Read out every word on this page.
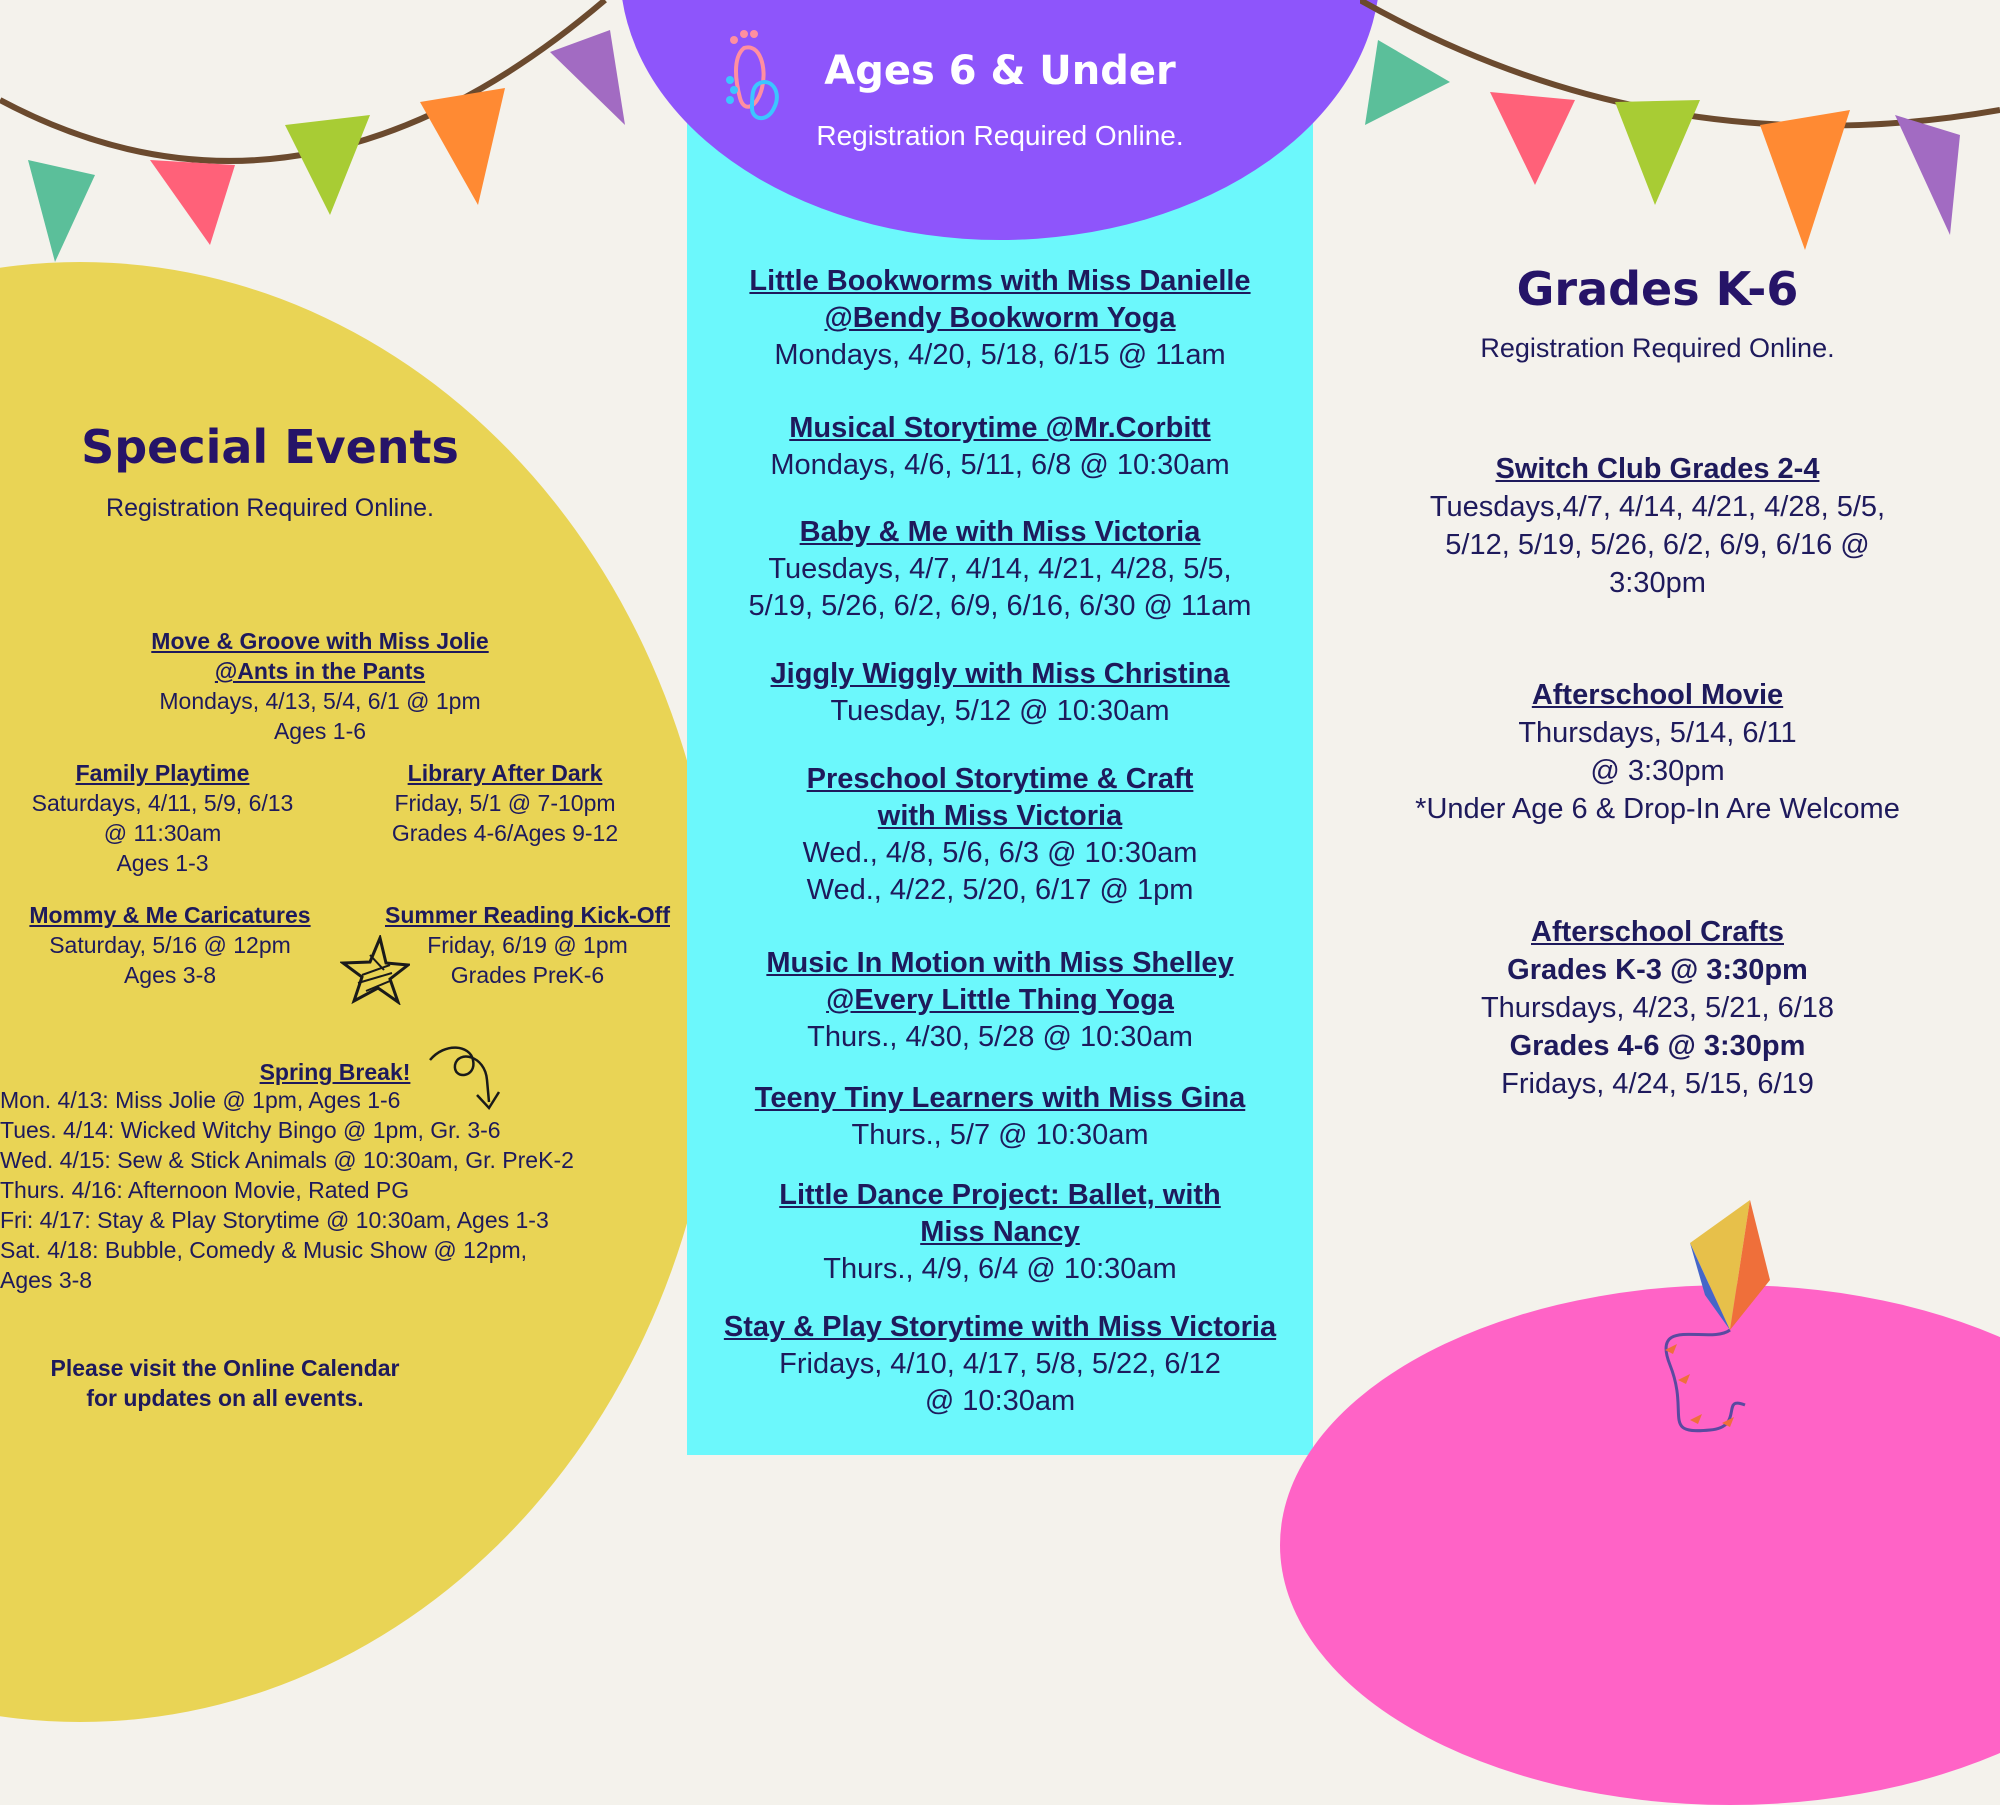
Ages 6 & Under
Registration Required Online.
Little Bookworms with Miss Danielle
@Bendy Bookworm Yoga
Mondays, 4/20, 5/18, 6/15 @ 11am
Musical Storytime @Mr.Corbitt
Mondays, 4/6, 5/11, 6/8 @ 10:30am
Baby & Me with Miss Victoria
Tuesdays, 4/7, 4/14, 4/21, 4/28, 5/5,
5/19, 5/26, 6/2, 6/9, 6/16, 6/30 @ 11am
Jiggly Wiggly with Miss Christina
Tuesday, 5/12 @ 10:30am
Preschool Storytime & Craft
with Miss Victoria
Wed., 4/8, 5/6, 6/3 @ 10:30am
Wed., 4/22, 5/20, 6/17 @ 1pm
Music In Motion with Miss Shelley
@Every Little Thing Yoga
Thurs., 4/30, 5/28 @ 10:30am
Teeny Tiny Learners with Miss Gina
Thurs., 5/7 @ 10:30am
Little Dance Project: Ballet, with
Miss Nancy
Thurs., 4/9, 6/4 @ 10:30am
Stay & Play Storytime with Miss Victoria
Fridays, 4/10, 4/17, 5/8, 5/22, 6/12
@ 10:30am
Grades K-6
Registration Required Online.
Switch Club Grades 2-4
Tuesdays,4/7, 4/14, 4/21, 4/28, 5/5,
5/12, 5/19, 5/26, 6/2, 6/9, 6/16 @
3:30pm
Afterschool Movie
Thursdays, 5/14, 6/11
@ 3:30pm
*Under Age 6 & Drop-In Are Welcome
Afterschool Crafts
Grades K-3 @ 3:30pm
Thursdays, 4/23, 5/21, 6/18
Grades 4-6 @ 3:30pm
Fridays, 4/24, 5/15, 6/19
Special Events
Registration Required Online.
Move & Groove with Miss Jolie
@Ants in the Pants
Mondays, 4/13, 5/4, 6/1 @ 1pm
Ages 1-6
Family Playtime
Saturdays, 4/11, 5/9, 6/13
@ 11:30am
Ages 1-3
Library After Dark
Friday, 5/1 @ 7-10pm
Grades 4-6/Ages 9-12
Mommy & Me Caricatures
Saturday, 5/16 @ 12pm
Ages 3-8
Summer Reading Kick-Off
Friday, 6/19 @ 1pm
Grades PreK-6
Spring Break!
Mon. 4/13: Miss Jolie @ 1pm, Ages 1-6
Tues. 4/14: Wicked Witchy Bingo @ 1pm, Gr. 3-6
Wed. 4/15: Sew & Stick Animals @ 10:30am, Gr. PreK-2
Thurs. 4/16: Afternoon Movie, Rated PG
Fri: 4/17: Stay & Play Storytime @ 10:30am, Ages 1-3
Sat. 4/18: Bubble, Comedy & Music Show @ 12pm,
Ages 3-8
Please visit the Online Calendar
for updates on all events.
